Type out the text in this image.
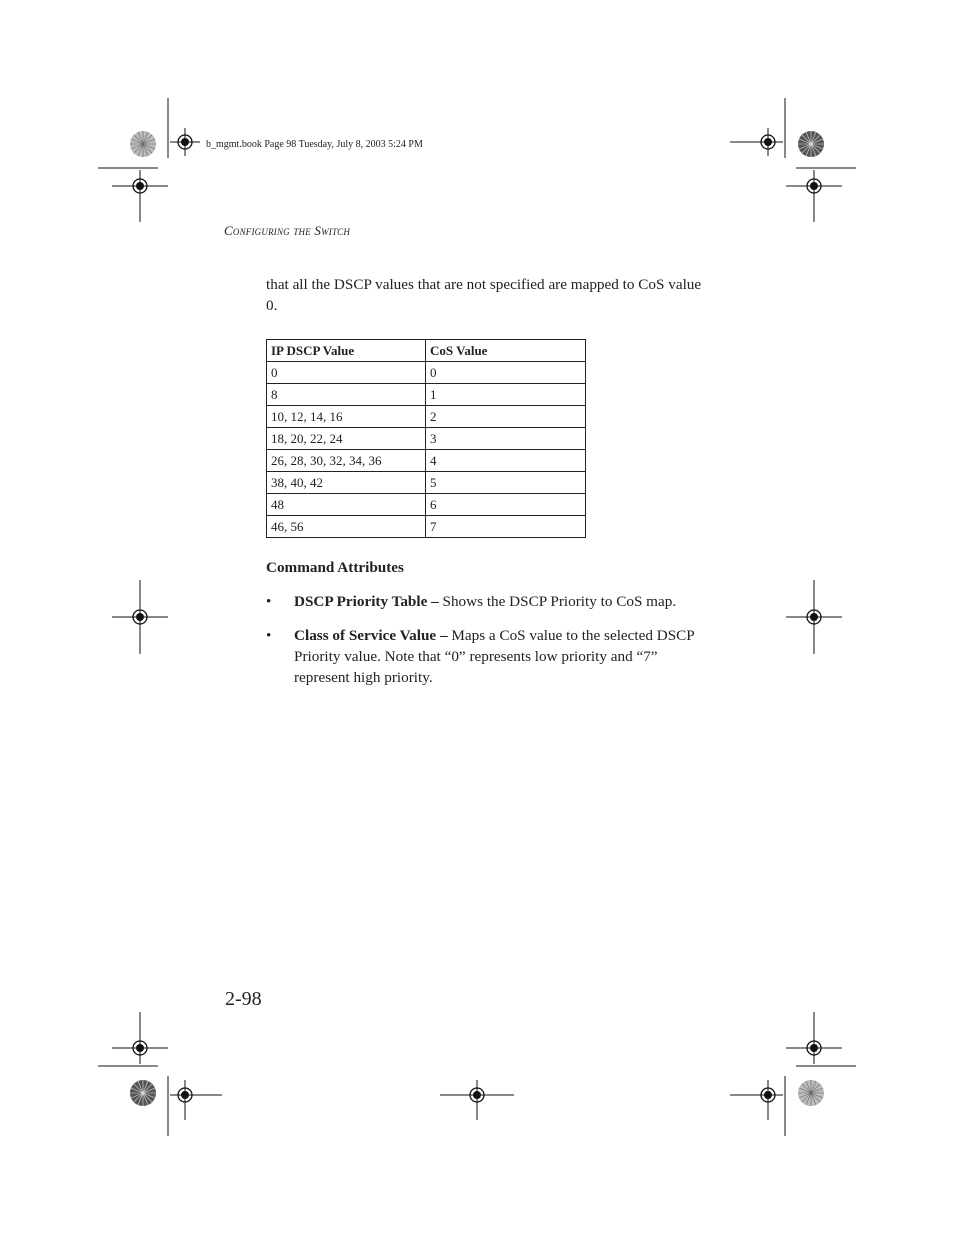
b_mgmt.book Page 98 Tuesday, July 8, 2003 5:24 PM
Configuring the Switch

that all the DSCP values that are not specified are mapped to CoS value 0.

IP DSCP Value	CoS Value
0	0
8	1
10, 12, 14, 16	2
18, 20, 22, 24	3
26, 28, 30, 32, 34, 36	4
38, 40, 42	5
48	6
46, 56	7
Command Attributes
• DSCP Priority Table – Shows the DSCP Priority to CoS map.
• Class of Service Value – Maps a CoS value to the selected DSCP Priority value. Note that “0” represents low priority and “7” represent high priority.
2-98
